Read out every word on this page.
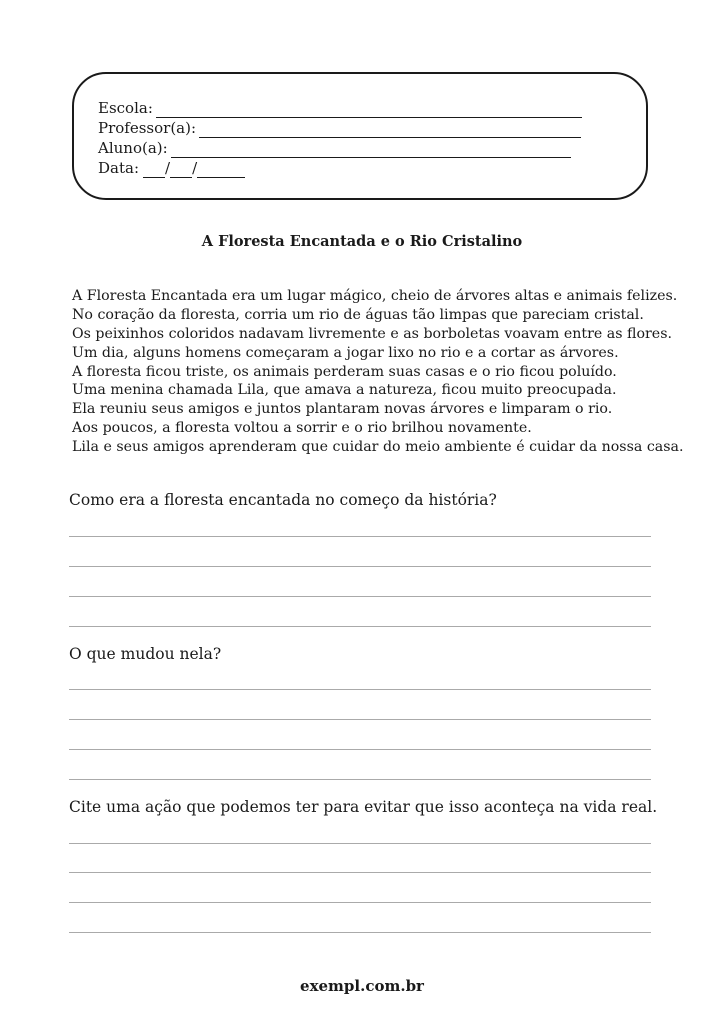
Escola:
Professor(a):
Aluno(a):
Data: / /
A Floresta Encantada e o Rio Cristalino
A Floresta Encantada era um lugar mágico, cheio de árvores altas e animais felizes.
No coração da floresta, corria um rio de águas tão limpas que pareciam cristal.
Os peixinhos coloridos nadavam livremente e as borboletas voavam entre as flores.
Um dia, alguns homens começaram a jogar lixo no rio e a cortar as árvores.
A floresta ficou triste, os animais perderam suas casas e o rio ficou poluído.
Uma menina chamada Lila, que amava a natureza, ficou muito preocupada.
Ela reuniu seus amigos e juntos plantaram novas árvores e limparam o rio.
Aos poucos, a floresta voltou a sorrir e o rio brilhou novamente.
Lila e seus amigos aprenderam que cuidar do meio ambiente é cuidar da nossa casa.
Como era a floresta encantada no começo da história?
O que mudou nela?
Cite uma ação que podemos ter para evitar que isso aconteça na vida real.
exempl.com.br
